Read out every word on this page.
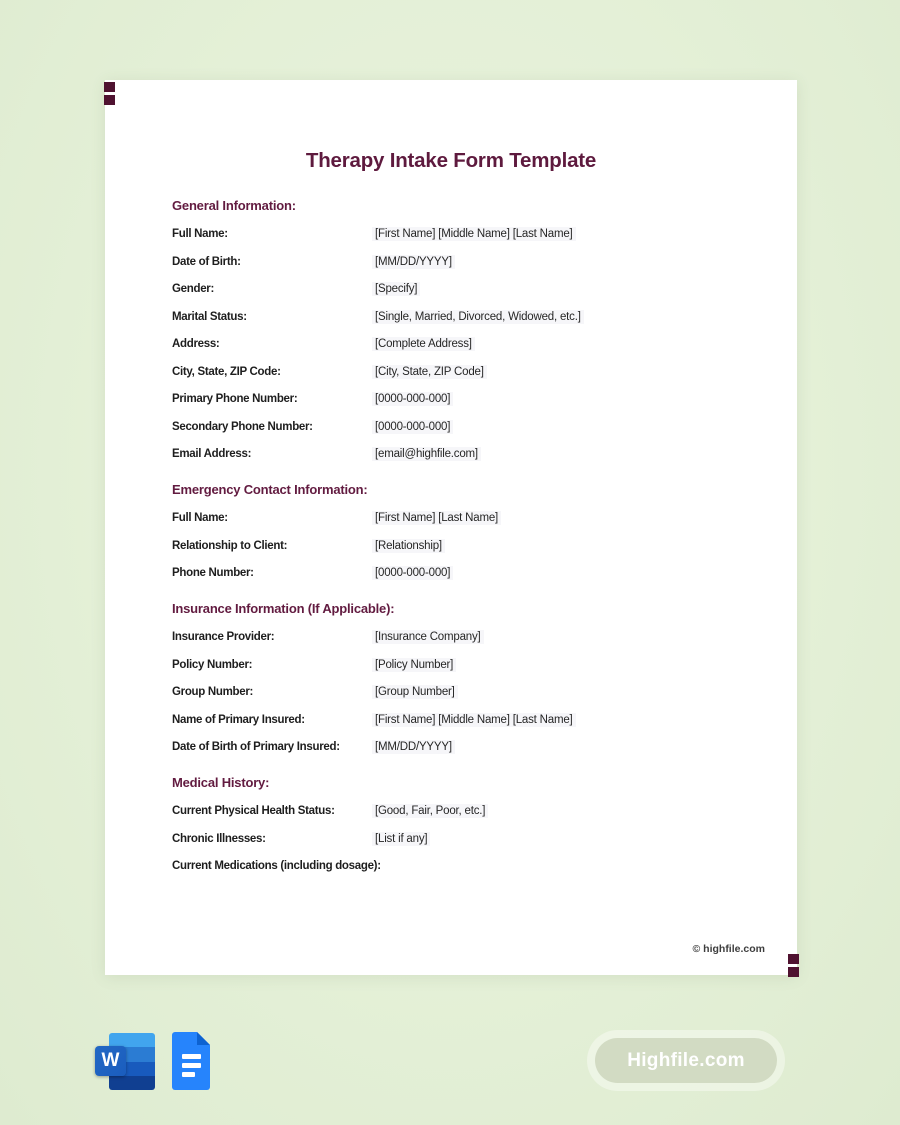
Therapy Intake Form Template
General Information:
Full Name:	[First Name] [Middle Name] [Last Name]
Date of Birth:	[MM/DD/YYYY]
Gender:	[Specify]
Marital Status:	[Single, Married, Divorced, Widowed, etc.]
Address:	[Complete Address]
City, State, ZIP Code:	[City, State, ZIP Code]
Primary Phone Number:	[0000-000-000]
Secondary Phone Number:	[0000-000-000]
Email Address:	[email@highfile.com]
Emergency Contact Information:
Full Name:	[First Name] [Last Name]
Relationship to Client:	[Relationship]
Phone Number:	[0000-000-000]
Insurance Information (If Applicable):
Insurance Provider:	[Insurance Company]
Policy Number:	[Policy Number]
Group Number:	[Group Number]
Name of Primary Insured:	[First Name] [Middle Name] [Last Name]
Date of Birth of Primary Insured:	[MM/DD/YYYY]
Medical History:
Current Physical Health Status:	[Good, Fair, Poor, etc.]
Chronic Illnesses:	[List if any]
Current Medications (including dosage):
© highfile.com
W	Highfile.com
